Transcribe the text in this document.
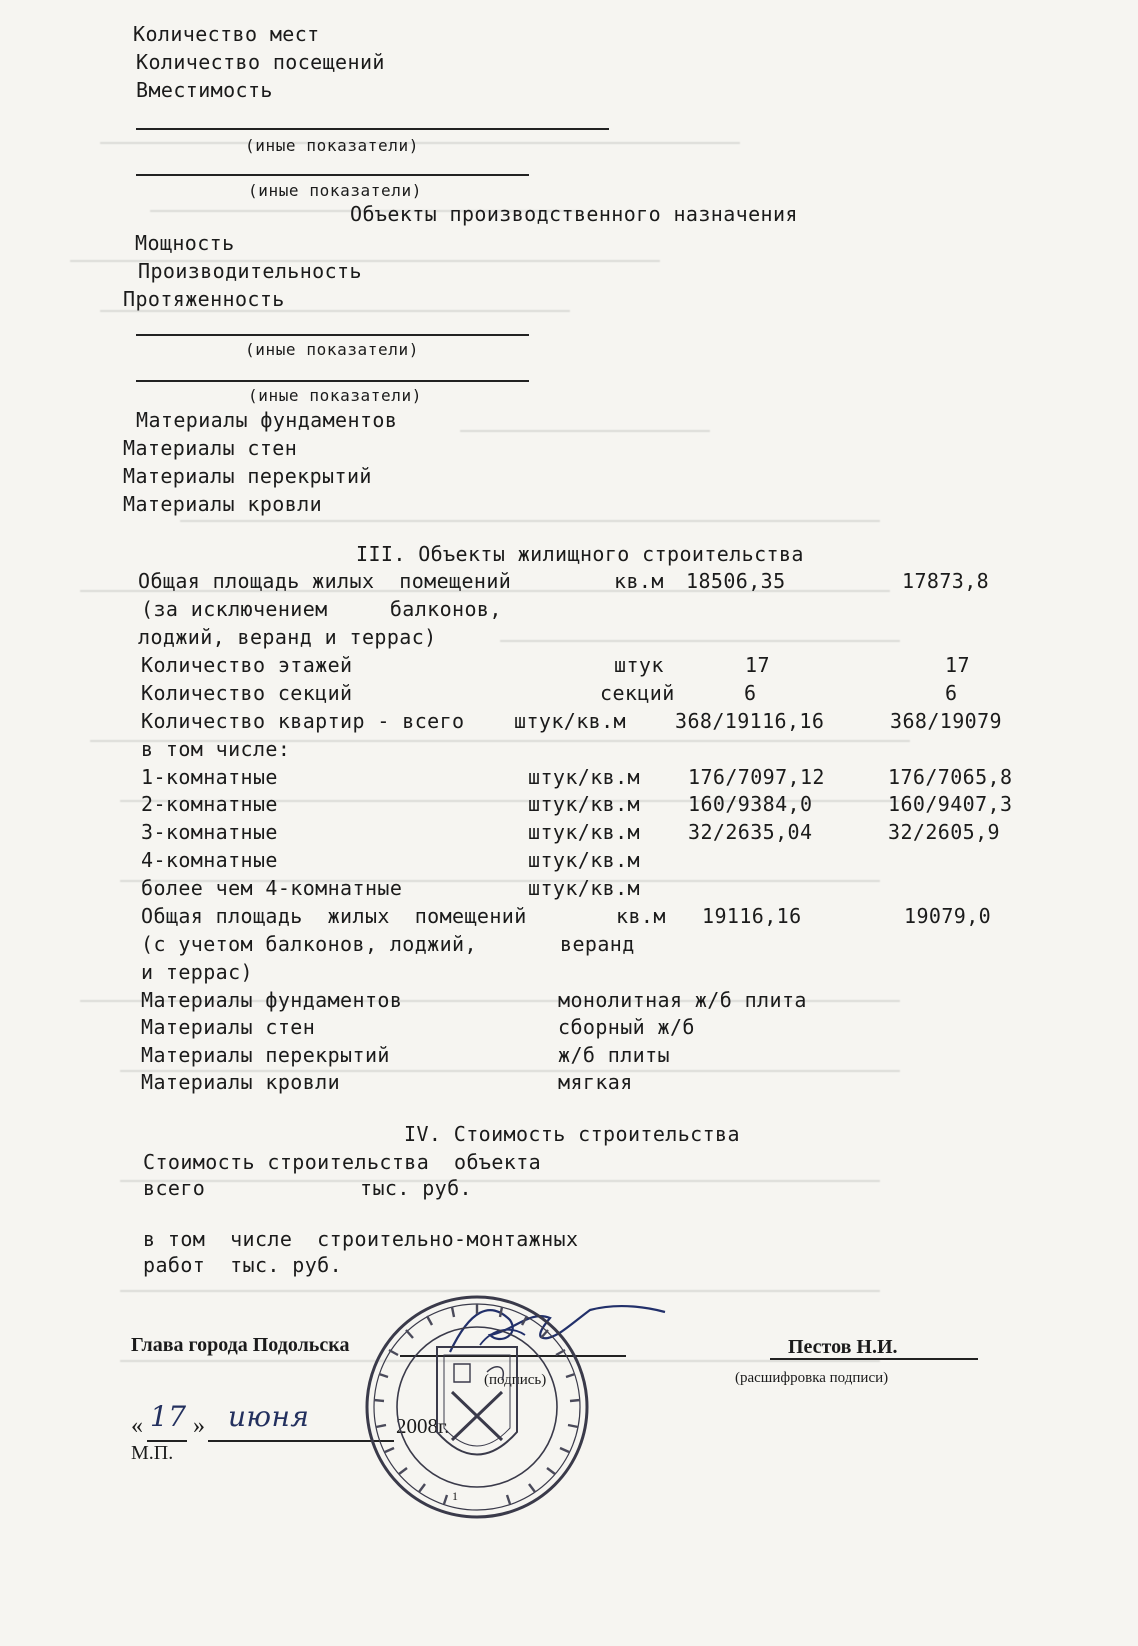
Количество мест
Количество посещений
Вместимость
(иные показатели)
(иные показатели)
Объекты производственного назначения
Мощность
Производительность
Протяженность
(иные показатели)
(иные показатели)
Материалы фундаментов
Материалы стен
Материалы перекрытий
Материалы кровли
III. Объекты жилищного строительства
Общая площадь жилых  помещений	кв.м 18506,35	17873,8
(за исключением     балконов,
лоджий, веранд и террас)
Количество этажей	штук	17	17
Количество секций	секций	6	6
Количество квартир - всего штук/кв.м 368/19116,16	368/19079
в том числе:
1-комнатные	штук/кв.м 176/7097,12	176/7065,8
2-комнатные	штук/кв.м 160/9384,0	160/9407,3
3-комнатные	штук/кв.м 32/2635,04	32/2605,9
4-комнатные	штук/кв.м
более чем 4-комнатные	штук/кв.м
Общая площадь  жилых  помещений	кв.м 19116,16	19079,0
(с учетом балконов, лоджий,	веранд
и террас)
Материалы фундаментов	монолитная ж/б плита
Материалы стен	сборный ж/б
Материалы перекрытий	ж/б плиты
Материалы кровли	мягкая
IV. Стоимость строительства
Стоимость строительства  объекта
всего	тыс. руб.
в том  числе  строительно-монтажных
работ  тыс. руб.
Глава города Подольска
(подпись)
Пестов Н.И.
(расшифровка подписи)
« 17 » июня	2008г.
М.П.
1
